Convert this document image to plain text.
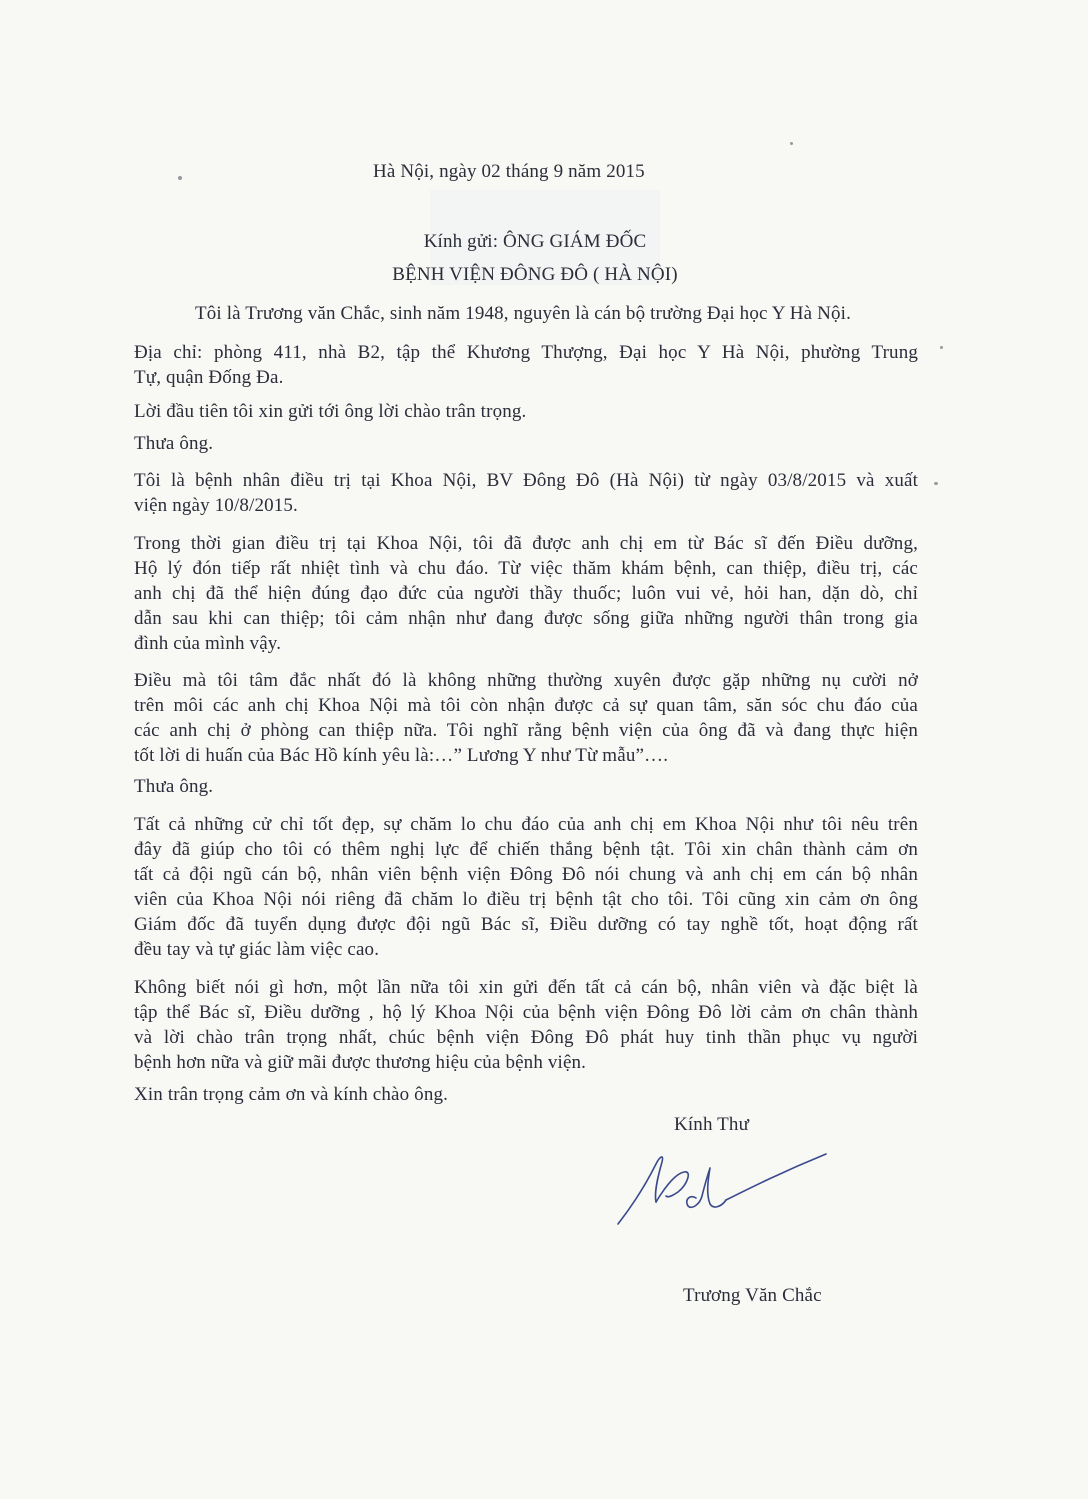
Hà Nội, ngày 02 tháng 9 năm 2015
Kính gửi: ÔNG GIÁM ĐỐC
BỆNH VIỆN ĐÔNG ĐÔ ( HÀ NỘI)
Tôi là Trương văn Chắc, sinh năm 1948, nguyên là cán bộ trường Đại học Y Hà Nội.
Địa chỉ: phòng 411, nhà B2, tập thể Khương Thượng, Đại học Y Hà Nội, phường Trung
Tự, quận Đống Đa.
Lời đầu tiên tôi xin gửi tới ông lời chào trân trọng.
Thưa ông.
Tôi là bệnh nhân điều trị tại Khoa Nội, BV Đông Đô (Hà Nội) từ ngày 03/8/2015 và xuất
viện ngày 10/8/2015.
Trong thời gian điều trị tại Khoa Nội, tôi đã được anh chị em từ Bác sĩ đến Điều dưỡng,
Hộ lý đón tiếp rất nhiệt tình và chu đáo. Từ việc thăm khám bệnh, can thiệp, điều trị, các
anh chị đã thể hiện đúng đạo đức của người thầy thuốc; luôn vui vẻ, hỏi han, dặn dò, chỉ
dẫn sau khi can thiệp; tôi cảm nhận như đang được sống giữa những người thân trong gia
đình của mình vậy.
Điều mà tôi tâm đắc nhất đó là không những thường xuyên được gặp những nụ cười nở
trên môi các anh chị Khoa Nội mà tôi còn nhận được cả sự quan tâm, săn sóc chu đáo của
các anh chị ở phòng can thiệp nữa. Tôi nghĩ rằng bệnh viện của ông đã và đang thực hiện
tốt lời di huấn của Bác Hồ kính yêu là:…” Lương Y như Từ mẫu”….
Thưa ông.
Tất cả những cử chỉ tốt đẹp, sự chăm lo chu đáo của anh chị em Khoa Nội như tôi nêu trên
đây đã giúp cho tôi có thêm nghị lực để chiến thắng bệnh tật. Tôi xin chân thành cảm ơn
tất cả đội ngũ cán bộ, nhân viên bệnh viện Đông Đô nói chung và anh chị em cán bộ nhân
viên của Khoa Nội nói riêng đã chăm lo điều trị bệnh tật cho tôi. Tôi cũng xin cảm ơn ông
Giám đốc đã tuyển dụng được đội ngũ Bác sĩ, Điều dưỡng có tay nghề tốt, hoạt động rất
đều tay và tự giác làm việc cao.
Không biết nói gì hơn, một lần nữa tôi xin gửi đến tất cả cán bộ, nhân viên và đặc biệt là
tập thể Bác sĩ, Điều dưỡng , hộ lý Khoa Nội của bệnh viện Đông Đô lời cảm ơn chân thành
và lời chào trân trọng nhất, chúc bệnh viện Đông Đô phát huy tinh thần phục vụ người
bệnh hơn nữa và giữ mãi được thương hiệu của bệnh viện.
Xin trân trọng cảm ơn và kính chào ông.
Kính Thư
Trương Văn Chắc
